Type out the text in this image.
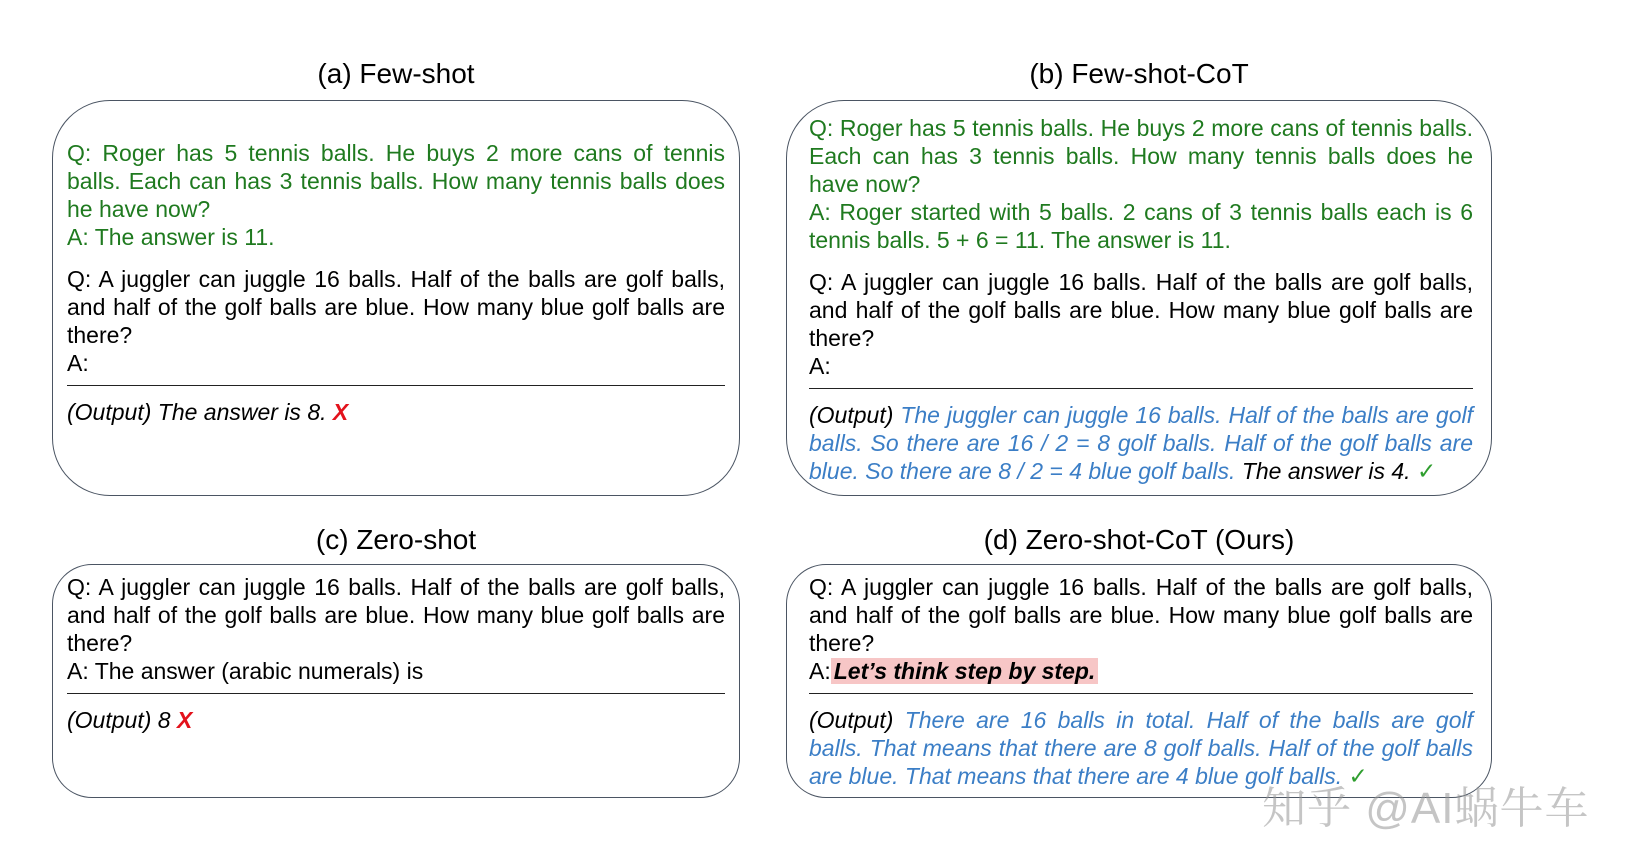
(a) Few-shot

Q: Roger has 5 tennis balls. He buys 2 more cans of tennis balls. Each can has 3 tennis balls. How many tennis balls does he have now?

A: The answer is 11.

Q: A juggler can juggle 16 balls. Half of the balls are golf balls, and half of the golf balls are blue. How many blue golf balls are there?

A:

(Output) The answer is 8. X

(b) Few-shot-CoT

Q: Roger has 5 tennis balls. He buys 2 more cans of tennis balls. Each can has 3 tennis balls. How many tennis balls does he have now?

A: Roger started with 5 balls. 2 cans of 3 tennis balls each is 6 tennis balls. 5 + 6 = 11. The answer is 11.

Q: A juggler can juggle 16 balls. Half of the balls are golf balls, and half of the golf balls are blue. How many blue golf balls are there?

A:

(Output) The juggler can juggle 16 balls. Half of the balls are golf balls. So there are 16 / 2 = 8 golf balls. Half of the golf balls are blue. So there are 8 / 2 = 4 blue golf balls. The answer is 4. ✓

(c) Zero-shot

Q: A juggler can juggle 16 balls. Half of the balls are golf balls, and half of the golf balls are blue. How many blue golf balls are there?

A: The answer (arabic numerals) is

(Output) 8 X

(d) Zero-shot-CoT (Ours)

Q: A juggler can juggle 16 balls. Half of the balls are golf balls, and half of the golf balls are blue. How many blue golf balls are there?

A: Let’s think step by step.

(Output) There are 16 balls in total. Half of the balls are golf balls. That means that there are 8 golf balls. Half of the golf balls are blue. That means that there are 4 blue golf balls. ✓

知乎 @AI蜗牛车
